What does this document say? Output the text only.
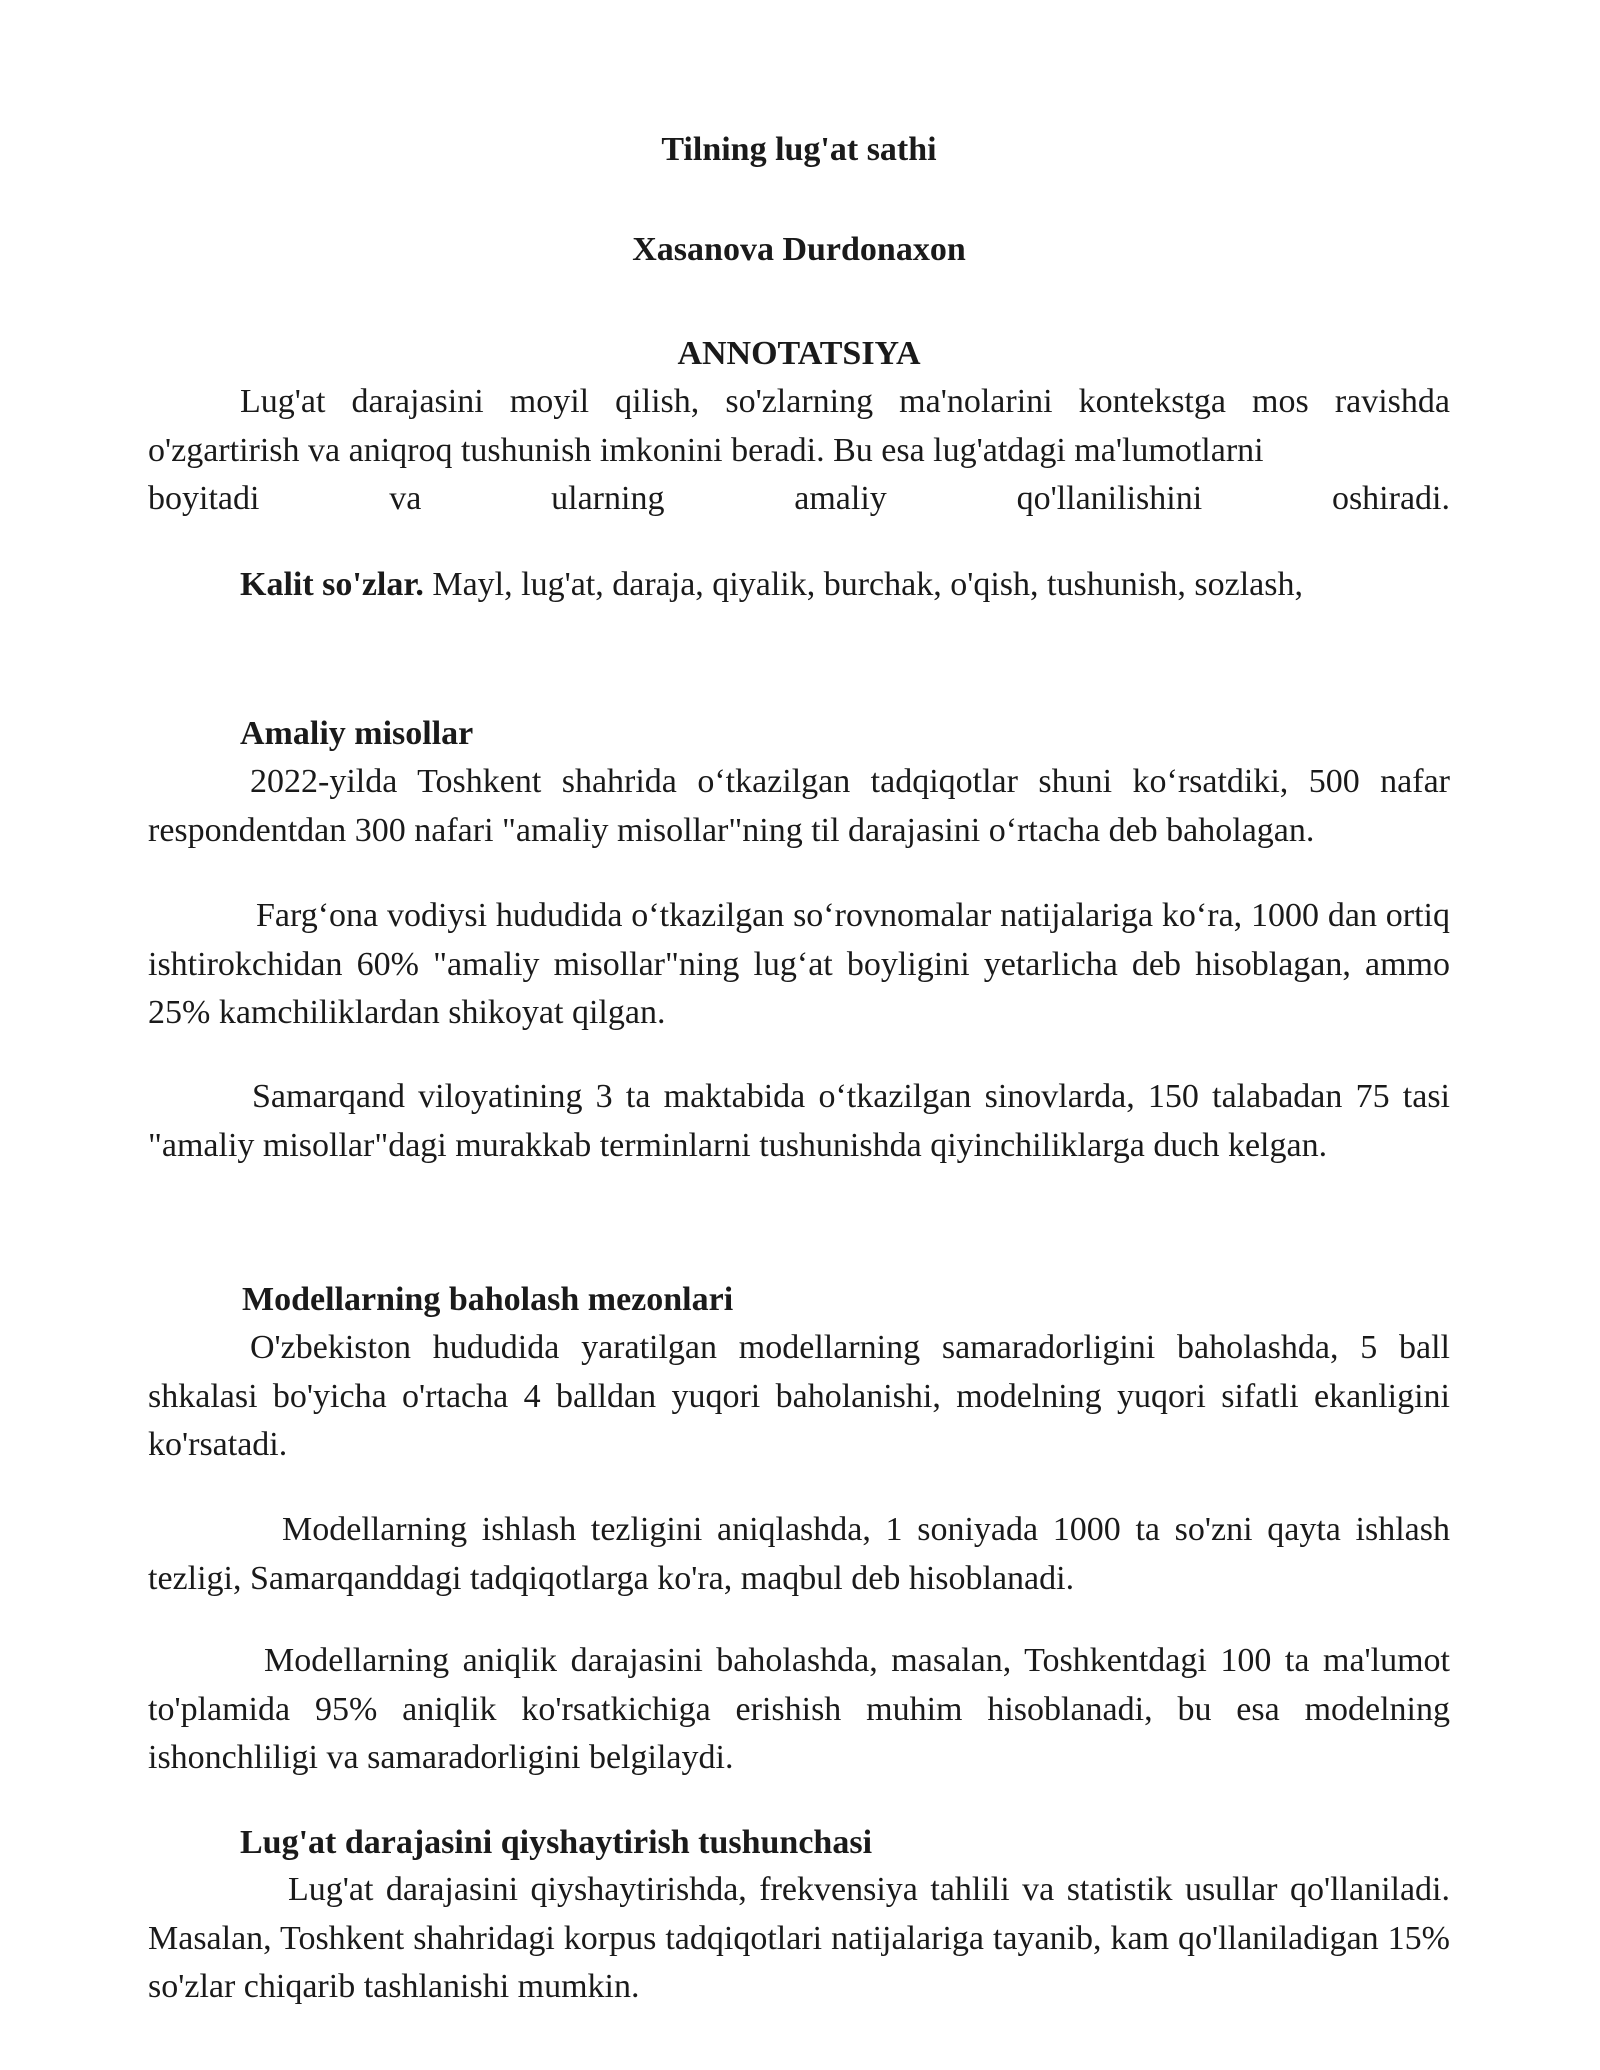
Tilning lug'at sathi
Xasanova Durdonaxon
ANNOTATSIYA

Lug'at darajasini moyil qilish, so'zlarning ma'nolarini kontekstga mos ravishda o'zgartirish va aniqroq tushunish imkonini beradi. Bu esa lug'atdagi ma'lumotlarni

boyitadi va ularning amaliy qo'llanilishini oshiradi.

Kalit so'zlar. Mayl, lug'at, daraja, qiyalik, burchak, o'qish, tushunish, sozlash,

Amaliy misollar

2022-yilda Toshkent shahrida oʻtkazilgan tadqiqotlar shuni koʻrsatdiki, 500 nafar respondentdan 300 nafari "amaliy misollar"ning til darajasini oʻrtacha deb baholagan.

Fargʻona vodiysi hududida oʻtkazilgan soʻrovnomalar natijalariga koʻra, 1000 dan ortiq ishtirokchidan 60% "amaliy misollar"ning lugʻat boyligini yetarlicha deb hisoblagan, ammo 25% kamchiliklardan shikoyat qilgan.

Samarqand viloyatining 3 ta maktabida oʻtkazilgan sinovlarda, 150 talabadan 75 tasi "amaliy misollar"dagi murakkab terminlarni tushunishda qiyinchiliklarga duch kelgan.

Modellarning baholash mezonlari

O'zbekiston hududida yaratilgan modellarning samaradorligini baholashda, 5 ball shkalasi bo'yicha o'rtacha 4 balldan yuqori baholanishi, modelning yuqori sifatli ekanligini ko'rsatadi.

Modellarning ishlash tezligini aniqlashda, 1 soniyada 1000 ta so'zni qayta ishlash tezligi, Samarqanddagi tadqiqotlarga ko'ra, maqbul deb hisoblanadi.

Modellarning aniqlik darajasini baholashda, masalan, Toshkentdagi 100 ta ma'lumot to'plamida 95% aniqlik ko'rsatkichiga erishish muhim hisoblanadi, bu esa modelning ishonchliligi va samaradorligini belgilaydi.

Lug'at darajasini qiyshaytirish tushunchasi

Lug'at darajasini qiyshaytirishda, frekvensiya tahlili va statistik usullar qo'llaniladi. Masalan, Toshkent shahridagi korpus tadqiqotlari natijalariga tayanib, kam qo'llaniladigan 15% so'zlar chiqarib tashlanishi mumkin.
